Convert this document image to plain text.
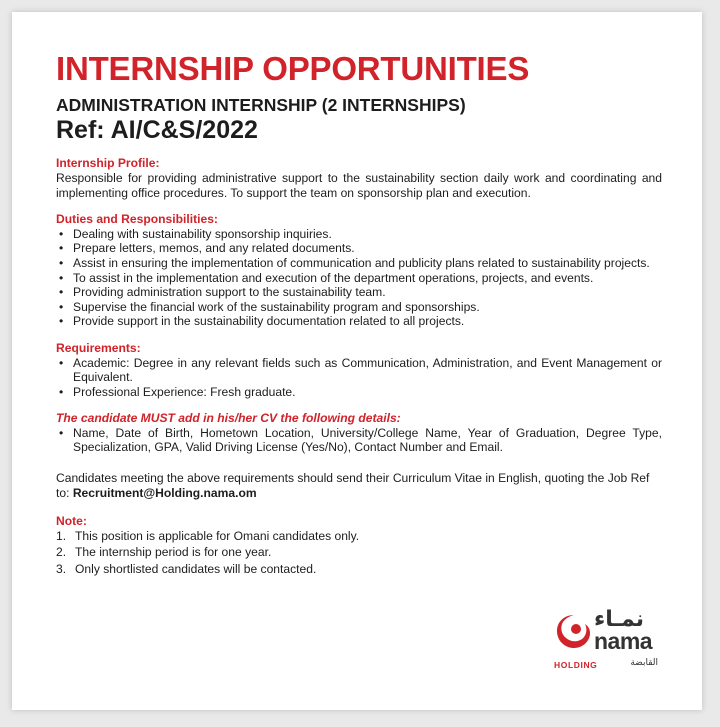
INTERNSHIP OPPORTUNITIES
ADMINISTRATION INTERNSHIP (2 INTERNSHIPS)
Ref: AI/C&S/2022
Internship Profile:
Responsible for providing administrative support to the sustainability section daily work and coordinating and implementing office procedures. To support the team on sponsorship plan and execution.
Duties and Responsibilities:
• Dealing with sustainability sponsorship inquiries.
• Prepare letters, memos, and any related documents.
• Assist in ensuring the implementation of communication and publicity plans related to sustainability projects.
• To assist in the implementation and execution of the department operations, projects, and events.
• Providing administration support to the sustainability team.
• Supervise the financial work of the sustainability program and sponsorships.
• Provide support in the sustainability documentation related to all projects.
Requirements:
• Academic: Degree in any relevant fields such as Communication, Administration, and Event Management or Equivalent.
• Professional Experience: Fresh graduate.
The candidate MUST add in his/her CV the following details:
• Name, Date of Birth, Hometown Location, University/College Name, Year of Graduation, Degree Type, Specialization, GPA, Valid Driving License (Yes/No), Contact Number and Email.
Candidates meeting the above requirements should send their Curriculum Vitae in English, quoting the Job Ref to: Recruitment@Holding.nama.om
Note:
1. This position is applicable for Omani candidates only.
2. The internship period is for one year.
3. Only shortlisted candidates will be contacted.
نمـاء
nama
HOLDING	القابضة
